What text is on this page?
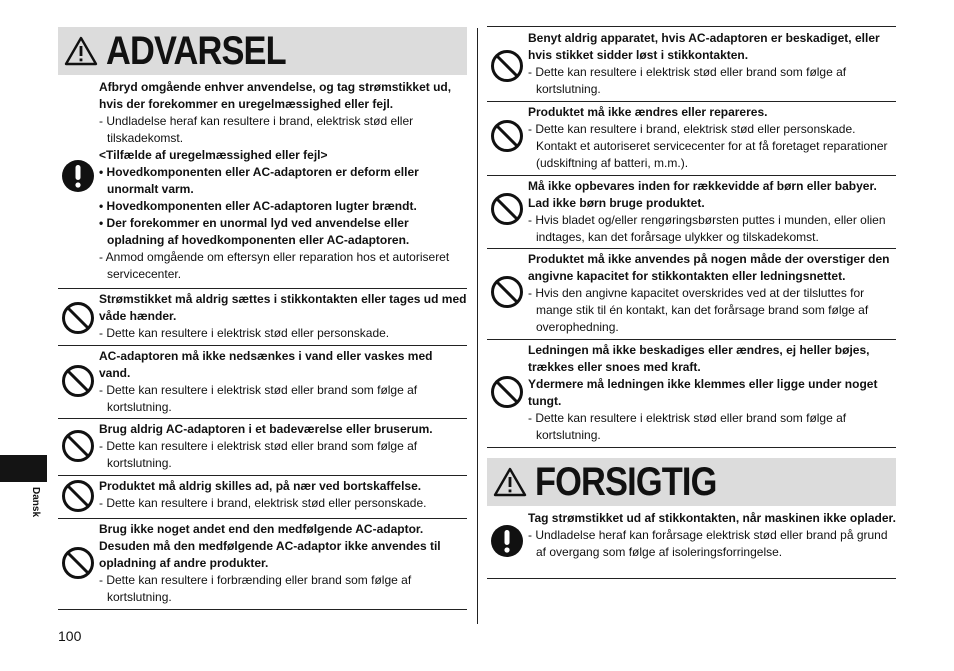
ADVARSEL
Afbryd omgående enhver anvendelse, og tag strømstikket ud, hvis der forekommer en uregelmæssighed eller fejl.
- Undladelse heraf kan resultere i brand, elektrisk stød eller tilskadekomst.
<Tilfælde af uregelmæssighed eller fejl>
• Hovedkomponenten eller AC-adaptoren er deform eller unormalt varm.
• Hovedkomponenten eller AC-adaptoren lugter brændt.
• Der forekommer en unormal lyd ved anvendelse eller opladning af hovedkomponenten eller AC-adaptoren.
- Anmod omgående om eftersyn eller reparation hos et autoriseret servicecenter.
Strømstikket må aldrig sættes i stikkontakten eller tages ud med våde hænder.
- Dette kan resultere i elektrisk stød eller personskade.
AC-adaptoren må ikke nedsænkes i vand eller vaskes med vand.
- Dette kan resultere i elektrisk stød eller brand som følge af kortslutning.
Brug aldrig AC-adaptoren i et badeværelse eller bruserum.
- Dette kan resultere i elektrisk stød eller brand som følge af kortslutning.
Produktet må aldrig skilles ad, på nær ved bortskaffelse.
- Dette kan resultere i brand, elektrisk stød eller personskade.
Brug ikke noget andet end den medfølgende AC-adaptor.
Desuden må den medfølgende AC-adaptor ikke anvendes til opladning af andre produkter.
- Dette kan resultere i forbrænding eller brand som følge af kortslutning.
Benyt aldrig apparatet, hvis AC-adaptoren er beskadiget, eller hvis stikket sidder løst i stikkontakten.
- Dette kan resultere i elektrisk stød eller brand som følge af kortslutning.
Produktet må ikke ændres eller repareres.
- Dette kan resultere i brand, elektrisk stød eller personskade. Kontakt et autoriseret servicecenter for at få foretaget reparationer (udskiftning af batteri, m.m.).
Må ikke opbevares inden for rækkevidde af børn eller babyer. Lad ikke børn bruge produktet.
- Hvis bladet og/eller rengøringsbørsten puttes i munden, eller olien indtages, kan det forårsage ulykker og tilskadekomst.
Produktet må ikke anvendes på nogen måde der overstiger den angivne kapacitet for stikkontakten eller ledningsnettet.
- Hvis den angivne kapacitet overskrides ved at der tilsluttes for mange stik til én kontakt, kan det forårsage brand som følge af overophedning.
Ledningen må ikke beskadiges eller ændres, ej heller bøjes, trækkes eller snoes med kraft.
Ydermere må ledningen ikke klemmes eller ligge under noget tungt.
- Dette kan resultere i elektrisk stød eller brand som følge af kortslutning.
FORSIGTIG
Tag strømstikket ud af stikkontakten, når maskinen ikke oplader.
- Undladelse heraf kan forårsage elektrisk stød eller brand på grund af overgang som følge af isoleringsforringelse.
Dansk
100
